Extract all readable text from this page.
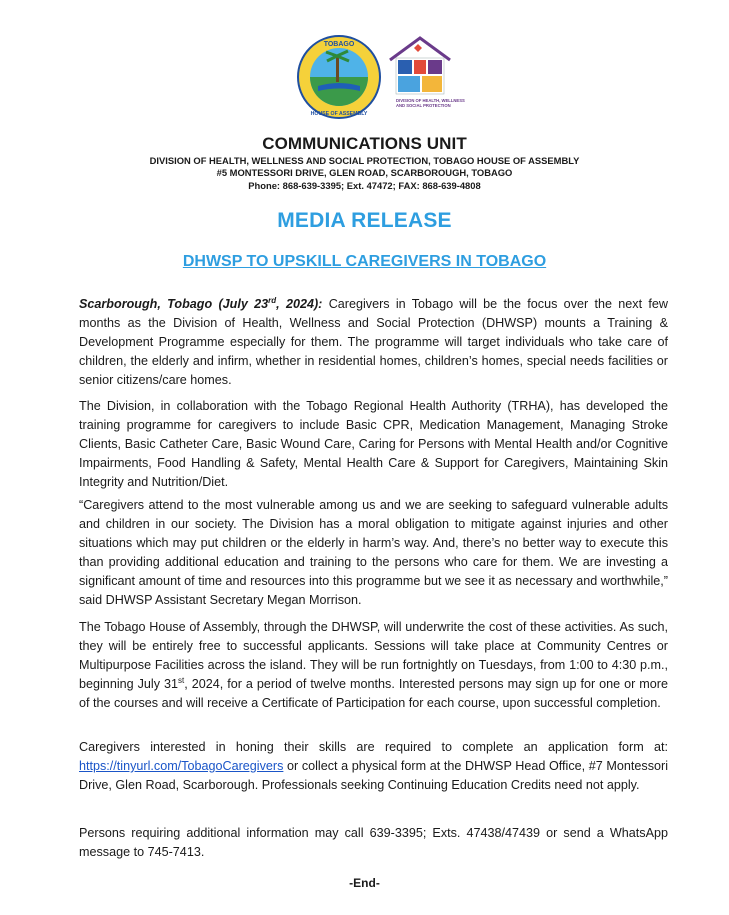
TOBAGO
HOUSE OF ASSEMBLY
DIVISION OF HEALTH, WELLNESS AND SOCIAL PROTECTION
COMMUNICATIONS UNIT
DIVISION OF HEALTH, WELLNESS AND SOCIAL PROTECTION, TOBAGO HOUSE OF ASSEMBLY
#5 MONTESSORI DRIVE, GLEN ROAD, SCARBOROUGH, TOBAGO
Phone: 868-639-3395; Ext. 47472; FAX: 868-639-4808
MEDIA RELEASE
DHWSP TO UPSKILL CAREGIVERS IN TOBAGO
Scarborough, Tobago (July 23rd, 2024): Caregivers in Tobago will be the focus over the next few months as the Division of Health, Wellness and Social Protection (DHWSP) mounts a Training & Development Programme especially for them. The programme will target individuals who take care of children, the elderly and infirm, whether in residential homes, children’s homes, special needs facilities or senior citizens/care homes.
The Division, in collaboration with the Tobago Regional Health Authority (TRHA), has developed the training programme for caregivers to include Basic CPR, Medication Management, Managing Stroke Clients, Basic Catheter Care, Basic Wound Care, Caring for Persons with Mental Health and/or Cognitive Impairments, Food Handling & Safety, Mental Health Care & Support for Caregivers, Maintaining Skin Integrity and Nutrition/Diet.
“Caregivers attend to the most vulnerable among us and we are seeking to safeguard vulnerable adults and children in our society. The Division has a moral obligation to mitigate against injuries and other situations which may put children or the elderly in harm’s way. And, there’s no better way to execute this than providing additional education and training to the persons who care for them. We are investing a significant amount of time and resources into this programme but we see it as necessary and worthwhile,” said DHWSP Assistant Secretary Megan Morrison.
The Tobago House of Assembly, through the DHWSP, will underwrite the cost of these activities. As such, they will be entirely free to successful applicants. Sessions will take place at Community Centres or Multipurpose Facilities across the island. They will be run fortnightly on Tuesdays, from 1:00 to 4:30 p.m., beginning July 31st, 2024, for a period of twelve months. Interested persons may sign up for one or more of the courses and will receive a Certificate of Participation for each course, upon successful completion.
Caregivers interested in honing their skills are required to complete an application form at: https://tinyurl.com/TobagoCaregivers or collect a physical form at the DHWSP Head Office, #7 Montessori Drive, Glen Road, Scarborough. Professionals seeking Continuing Education Credits need not apply.
Persons requiring additional information may call 639-3395; Exts. 47438/47439 or send a WhatsApp message to 745-7413.
-End-
